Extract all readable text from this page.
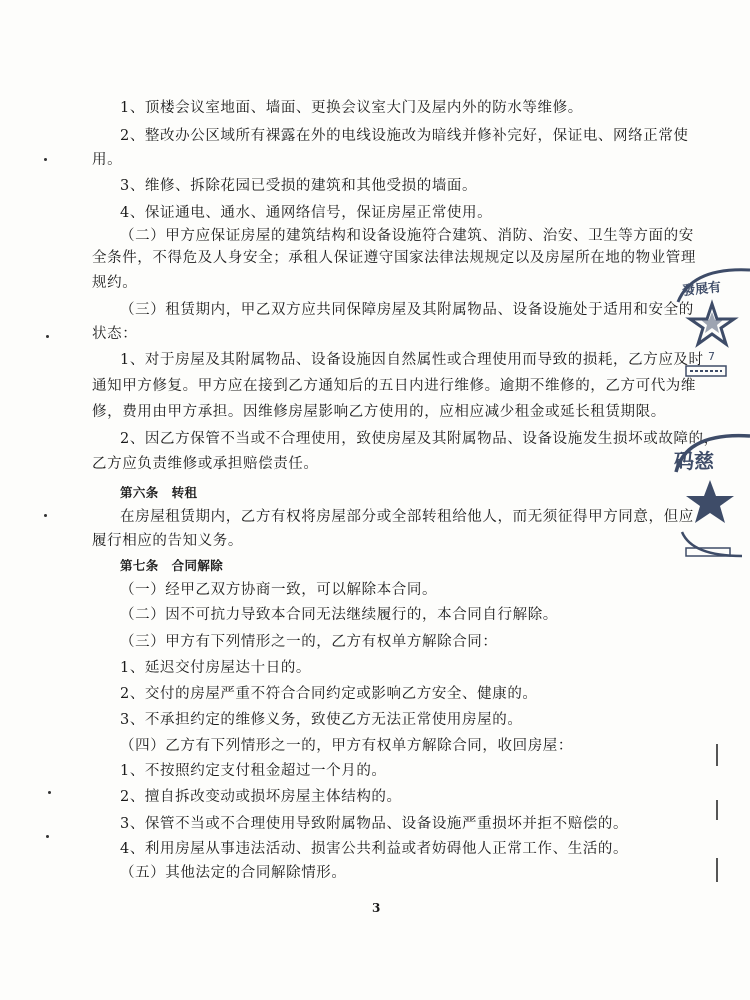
1、顶楼会议室地面、墙面、更换会议室大门及屋内外的防水等维修。
2、整改办公区域所有裸露在外的电线设施改为暗线并修补完好，保证电、网络正常使
用。
3、维修、拆除花园已受损的建筑和其他受损的墙面。
4、保证通电、通水、通网络信号，保证房屋正常使用。
（二）甲方应保证房屋的建筑结构和设备设施符合建筑、消防、治安、卫生等方面的安
全条件，不得危及人身安全；承租人保证遵守国家法律法规规定以及房屋所在地的物业管理
规约。
（三）租赁期内，甲乙双方应共同保障房屋及其附属物品、设备设施处于适用和安全的
状态：
1、对于房屋及其附属物品、设备设施因自然属性或合理使用而导致的损耗，乙方应及时
通知甲方修复。甲方应在接到乙方通知后的五日内进行维修。逾期不维修的，乙方可代为维
修，费用由甲方承担。因维修房屋影响乙方使用的，应相应减少租金或延长租赁期限。
2、因乙方保管不当或不合理使用，致使房屋及其附属物品、设备设施发生损坏或故障的，
乙方应负责维修或承担赔偿责任。
第六条　转租
在房屋租赁期内，乙方有权将房屋部分或全部转租给他人，而无须征得甲方同意，但应
履行相应的告知义务。
第七条　合同解除
（一）经甲乙双方协商一致，可以解除本合同。
（二）因不可抗力导致本合同无法继续履行的，本合同自行解除。
（三）甲方有下列情形之一的，乙方有权单方解除合同：
1、延迟交付房屋达十日的。
2、交付的房屋严重不符合合同约定或影响乙方安全、健康的。
3、不承担约定的维修义务，致使乙方无法正常使用房屋的。
（四）乙方有下列情形之一的，甲方有权单方解除合同，收回房屋：
1、不按照约定支付租金超过一个月的。
2、擅自拆改变动或损坏房屋主体结构的。
3、保管不当或不合理使用导致附属物品、设备设施严重损坏并拒不赔偿的。
4、利用房屋从事违法活动、损害公共利益或者妨碍他人正常工作、生活的。
（五）其他法定的合同解除情形。
3
發展有
7
码慈
